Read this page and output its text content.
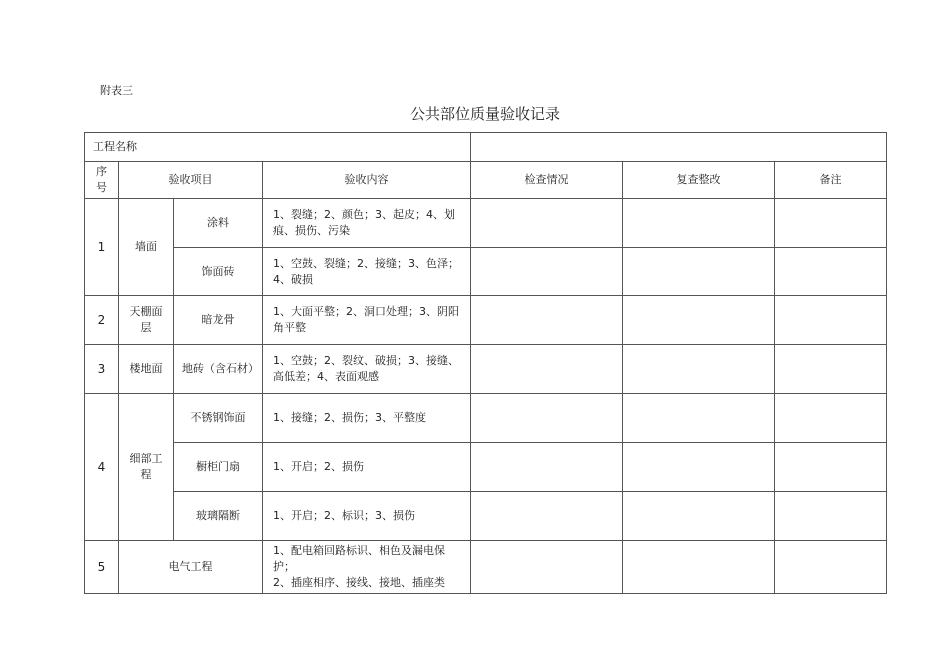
附表三
公共部位质量验收记录
工程名称						
序
号	验收项目		验收内容	检查情况	复查整改	备注
1	墙面	涂料	1、裂缝；2、颜色；3、起皮；4、划痕、损伤、污染			
		饰面砖	1、空鼓、裂缝；2、接缝；3、色泽；
4、破损			
2	天棚面层	暗龙骨	1、大面平整；2、洞口处理；3、阴阳角平整			
3	楼地面	地砖（含石材）	1、空鼓；2、裂纹、破损；3、接缝、高低差；4、表面观感			
4	细部工程	不锈钢饰面	1、接缝；2、损伤；3、平整度			
		橱柜门扇	1、开启；2、损伤			
		玻璃隔断	1、开启；2、标识；3、损伤			
5	电气工程		1、配电箱回路标识、相色及漏电保护；
2、插座相序、接线、接地、插座类			
